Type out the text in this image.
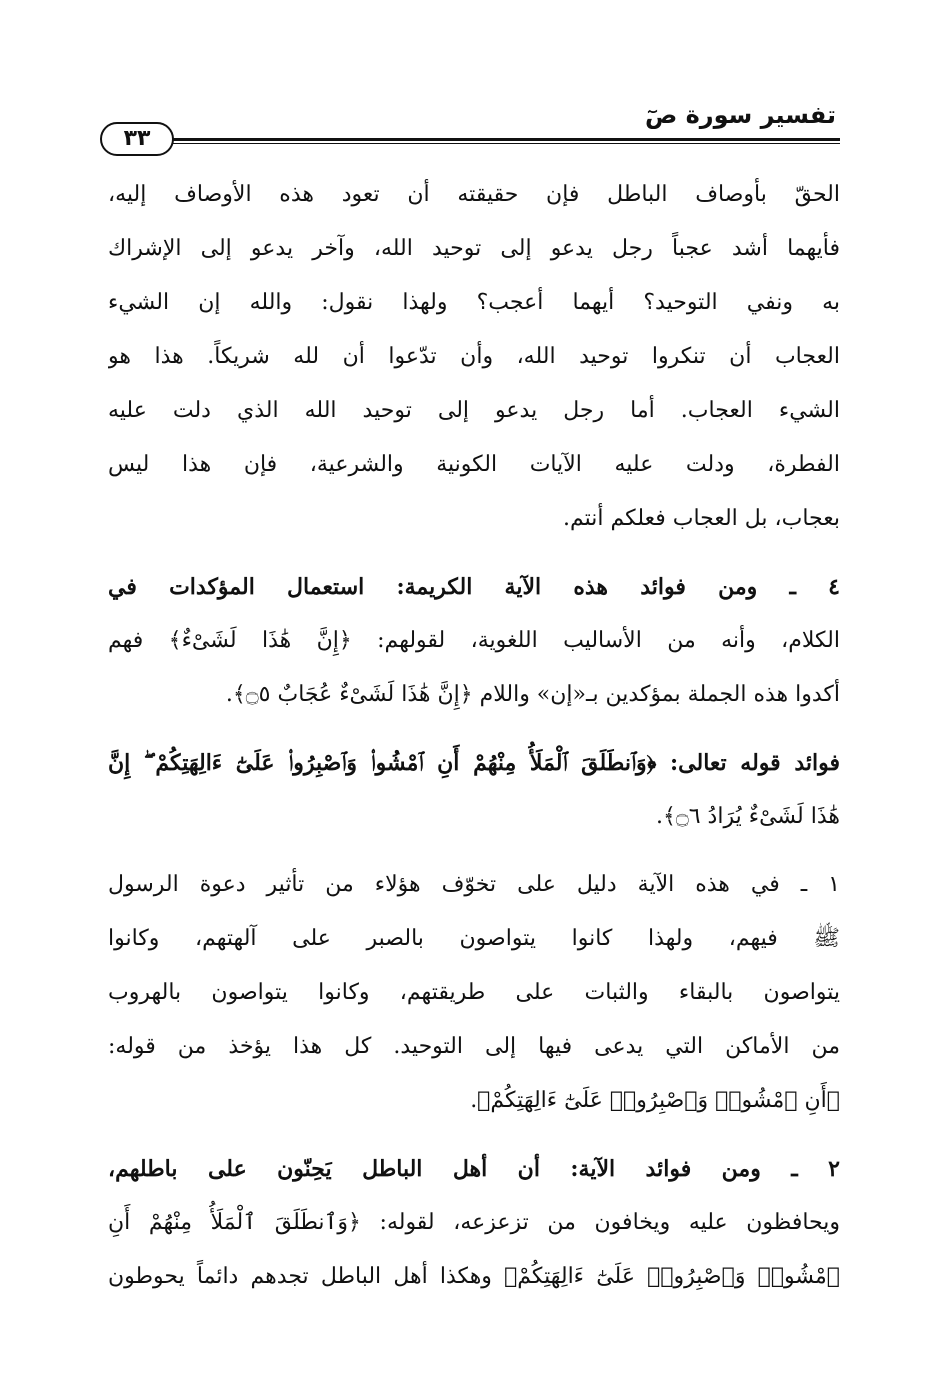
تفسير سورة صٓ
٣٣
الحقّ بأوصاف الباطل فإن حقيقته أن تعود هذه الأوصاف إليه،
فأيهما أشد عجباً رجل يدعو إلى توحيد الله، وآخر يدعو إلى الإشراك
به ونفي التوحيد؟ أيهما أعجب؟ ولهذا نقول: والله إن الشيء
العجاب أن تنكروا توحيد الله، وأن تدّعوا أن لله شريكاً. هذا هو
الشيء العجاب. أما رجل يدعو إلى توحيد الله الذي دلت عليه
الفطرة، ودلت عليه الآيات الكونية والشرعية، فإن هذا ليس
بعجاب، بل العجاب فعلكم أنتم.
٤ ـ ومن فوائد هذه الآية الكريمة: استعمال المؤكدات في
الكلام، وأنه من الأساليب اللغوية، لقولهم: ﴿إِنَّ هَٰذَا لَشَىْءٌ﴾ فهم
أكدوا هذه الجملة بمؤكدين بـ«إن» واللام ﴿إِنَّ هَٰذَا لَشَىْءٌ عُجَابٌ ۝٥﴾.
فوائد قوله تعالى: ﴿وَٱنطَلَقَ ٱلْمَلَأُ مِنْهُمْ أَنِ ٱمْشُوا۟ وَٱصْبِرُوا۟ عَلَىٰٓ ءَالِهَتِكُمْ ۖ إِنَّ
هَٰذَا لَشَىْءٌ يُرَادُ ۝٦﴾.
١ ـ في هذه الآية دليل على تخوّف هؤلاء من تأثير دعوة الرسول
ﷺ فيهم، ولهذا كانوا يتواصون بالصبر على آلهتهم، وكانوا
يتواصون بالبقاء والثبات على طريقتهم، وكانوا يتواصون بالهروب
من الأماكن التي يدعى فيها إلى التوحيد. كل هذا يؤخذ من قوله:
﴿أَنِ ٱمْشُوا۟ وَٱصْبِرُوا۟ عَلَىٰٓ ءَالِهَتِكُمْ﴾.
٢ ـ ومن فوائد الآية: أن أهل الباطل يَحِنّون على باطلهم،
ويحافظون عليه ويخافون من تزعزعه، لقوله: ﴿وَٱنطَلَقَ ٱلْمَلَأُ مِنْهُمْ أَنِ
ٱمْشُوا۟ وَٱصْبِرُوا۟ عَلَىٰٓ ءَالِهَتِكُمْ﴾ وهكذا أهل الباطل تجدهم دائماً يحوطون
